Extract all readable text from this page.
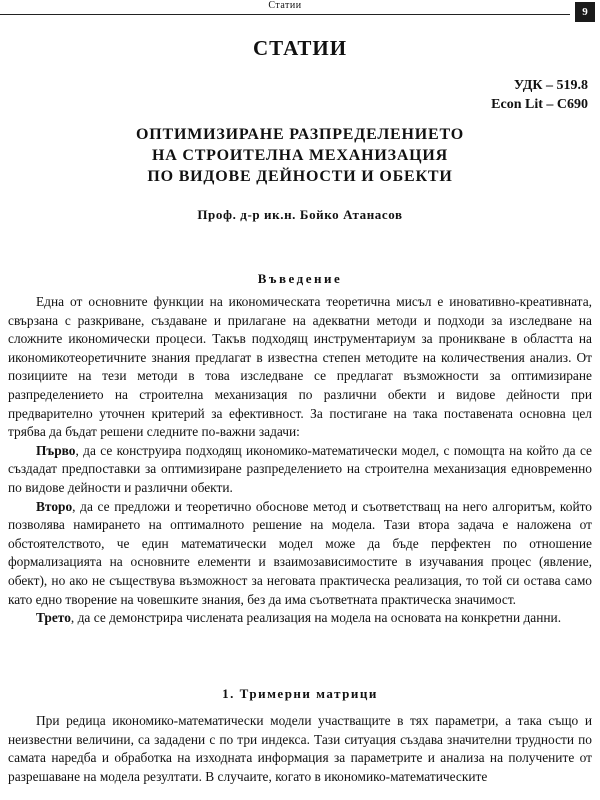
Статии
9
СТАТИИ
УДК – 519.8
Econ Lit – C690
ОПТИМИЗИРАНЕ РАЗПРЕДЕЛЕНИЕТО
НА СТРОИТЕЛНА МЕХАНИЗАЦИЯ
ПО ВИДОВЕ ДЕЙНОСТИ И ОБЕКТИ
Проф. д-р ик.н. Бойко Атанасов
Въведение

Една от основните функции на икономическата теоретична мисъл е иновативно-креативната, свързана с разкриване, създаване и прилагане на адекватни методи и подходи за изследване на сложните икономически процеси. Такъв подходящ инструментариум за проникване в областта на икономикотеоретичните знания предлагат в известна степен методите на количествения анализ. От позициите на тези методи в това изследване се предлагат възможности за оптимизиране разпределението на строителна механизация по различни обекти и видове дейности при предварително уточнен критерий за ефективност. За постигане на така поставената основна цел трябва да бъдат решени следните по-важни задачи:

Първо, да се конструира подходящ икономико-математически модел, с помощта на който да се създадат предпоставки за оптимизиране разпределението на строителна механизация едновременно по видове дейности и различни обекти.

Второ, да се предложи и теоретично обоснове метод и съответстващ на него алгоритъм, който позволява намирането на оптималното решение на модела. Тази втора задача е наложена от обстоятелството, че един математически модел може да бъде перфектен по отношение формализацията на основните елементи и взаимозависимостите в изучавания процес (явление, обект), но ако не съществува възможност за неговата практическа реализация, то той си остава само като едно творение на човешките знания, без да има съответната практическа значимост.

Трето, да се демонстрира числената реализация на модела на основата на конкретни данни.

1. Тримерни матрици

При редица икономико-математически модели участващите в тях параметри, а така също и неизвестни величини, са зададени с по три индекса. Тази ситуация създава значителни трудности по самата наредба и обработка на изходната информация за параметрите и анализа на получените от разрешаване на модела резултати. В случаите, когато в икономико-математическите
